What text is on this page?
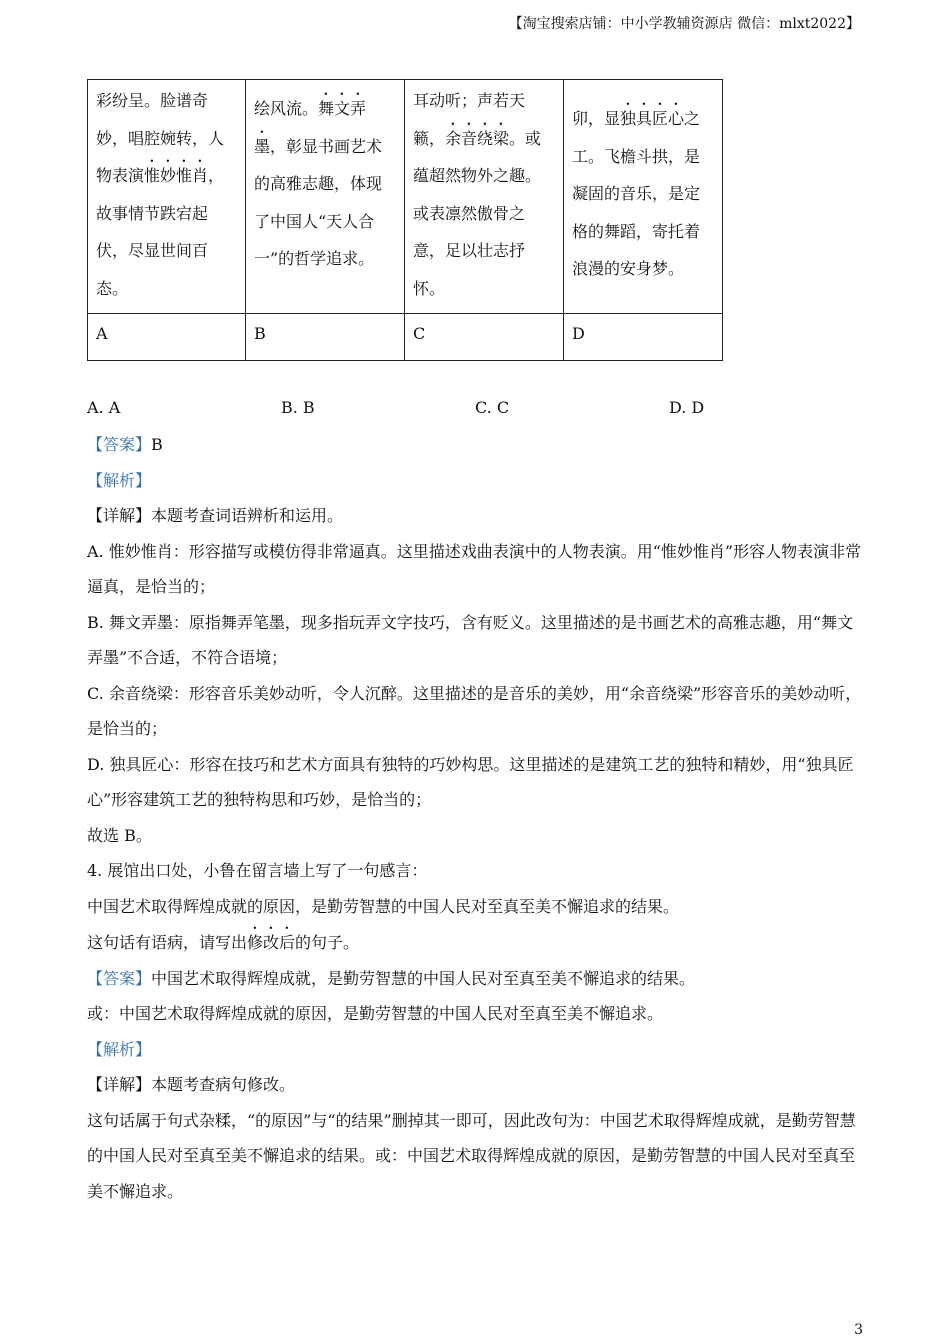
【淘宝搜索店铺：中小学教辅资源店 微信：mlxt2022】
彩纷呈。脸谱奇妙，唱腔婉转，人物表演惟妙惟肖，故事情节跌宕起伏，尽显世间百态。	绘风流。舞文弄墨，彰显书画艺术的高雅志趣，体现了中国人“天人合一”的哲学追求。	耳动听；声若天籁，余音绕梁。或蕴超然物外之趣。或表凛然傲骨之意，足以壮志抒怀。	卯，显独具匠心之工。飞檐斗拱，是凝固的音乐，是定格的舞蹈，寄托着浪漫的安身梦。

A	B	C	D
A. A	B. B	C. C	D. D

【答案】B

【解析】

【详解】本题考查词语辨析和运用。

A. 惟妙惟肖：形容描写或模仿得非常逼真。这里描述戏曲表演中的人物表演。用“惟妙惟肖”形容人物表演非常逼真，是恰当的；

B. 舞文弄墨：原指舞弄笔墨，现多指玩弄文字技巧，含有贬义。这里描述的是书画艺术的高雅志趣，用“舞文弄墨”不合适，不符合语境；

C. 余音绕梁：形容音乐美妙动听，令人沉醉。这里描述的是音乐的美妙，用“余音绕梁”形容音乐的美妙动听，是恰当的；

D. 独具匠心：形容在技巧和艺术方面具有独特的巧妙构思。这里描述的是建筑工艺的独特和精妙，用“独具匠心”形容建筑工艺的独特构思和巧妙，是恰当的；

故选 B。

4. 展馆出口处，小鲁在留言墙上写了一句感言：

中国艺术取得辉煌成就的原因，是勤劳智慧的中国人民对至真至美不懈追求的结果。

这句话有语病，请写出修改后的句子。

【答案】中国艺术取得辉煌成就，是勤劳智慧的中国人民对至真至美不懈追求的结果。

或：中国艺术取得辉煌成就的原因，是勤劳智慧的中国人民对至真至美不懈追求。

【解析】

【详解】本题考查病句修改。

这句话属于句式杂糅，“的原因”与“的结果”删掉其一即可，因此改句为：中国艺术取得辉煌成就，是勤劳智慧的中国人民对至真至美不懈追求的结果。或：中国艺术取得辉煌成就的原因，是勤劳智慧的中国人民对至真至美不懈追求。

3
